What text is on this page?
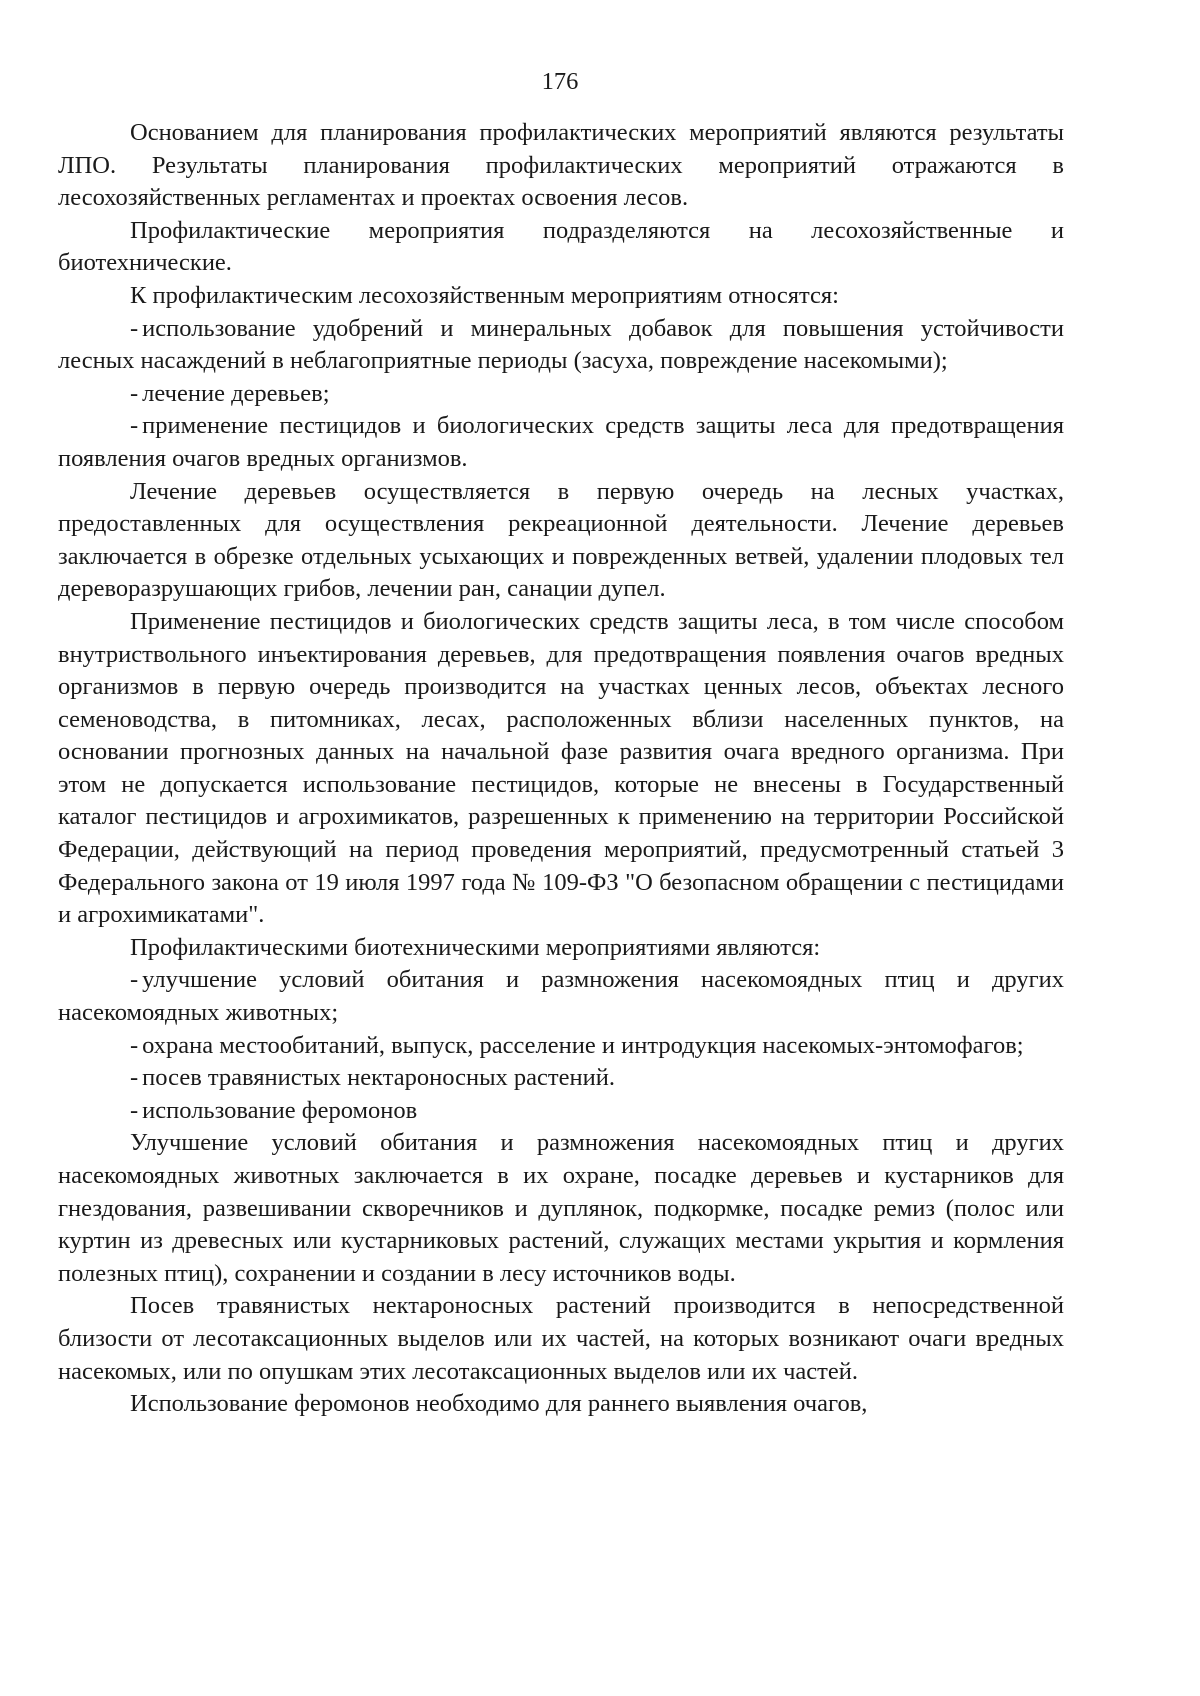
176

Основанием для планирования профилактических мероприятий являются результаты ЛПО. Результаты планирования профилактических мероприятий отражаются в лесохозяйственных регламентах и проектах освоения лесов.

Профилактические мероприятия подразделяются на лесохозяйственные и биотехнические.

К профилактическим лесохозяйственным мероприятиям относятся:

- использование удобрений и минеральных добавок для повышения устойчивости лесных насаждений в неблагоприятные периоды (засуха, повреждение насекомыми);
- лечение деревьев;
- применение пестицидов и биологических средств защиты леса для предотвращения появления очагов вредных организмов.

Лечение деревьев осуществляется в первую очередь на лесных участках, предоставленных для осуществления рекреационной деятельности. Лечение деревьев заключается в обрезке отдельных усыхающих и поврежденных ветвей, удалении плодовых тел дереворазрушающих грибов, лечении ран, санации дупел.

Применение пестицидов и биологических средств защиты леса, в том числе способом внутриствольного инъектирования деревьев, для предотвращения появления очагов вредных организмов в первую очередь производится на участках ценных лесов, объектах лесного семеноводства, в питомниках, лесах, расположенных вблизи населенных пунктов, на основании прогнозных данных на начальной фазе развития очага вредного организма. При этом не допускается использование пестицидов, которые не внесены в Государственный каталог пестицидов и агрохимикатов, разрешенных к применению на территории Российской Федерации, действующий на период проведения мероприятий, предусмотренный статьей 3 Федерального закона от 19 июля 1997 года № 109-ФЗ "О безопасном обращении с пестицидами и агрохимикатами".

Профилактическими биотехническими мероприятиями являются:

- улучшение условий обитания и размножения насекомоядных птиц и других насекомоядных животных;
- охрана местообитаний, выпуск, расселение и интродукция насекомых-энтомофагов;
- посев травянистых нектароносных растений.
- использование феромонов

Улучшение условий обитания и размножения насекомоядных птиц и других насекомоядных животных заключается в их охране, посадке деревьев и кустарников для гнездования, развешивании скворечников и дуплянок, подкормке, посадке ремиз (полос или куртин из древесных или кустарниковых растений, служащих местами укрытия и кормления полезных птиц), сохранении и создании в лесу источников воды.

Посев травянистых нектароносных растений производится в непосредственной близости от лесотаксационных выделов или их частей, на которых возникают очаги вредных насекомых, или по опушкам этих лесотаксационных выделов или их частей.

Использование феромонов необходимо для раннего выявления очагов,
